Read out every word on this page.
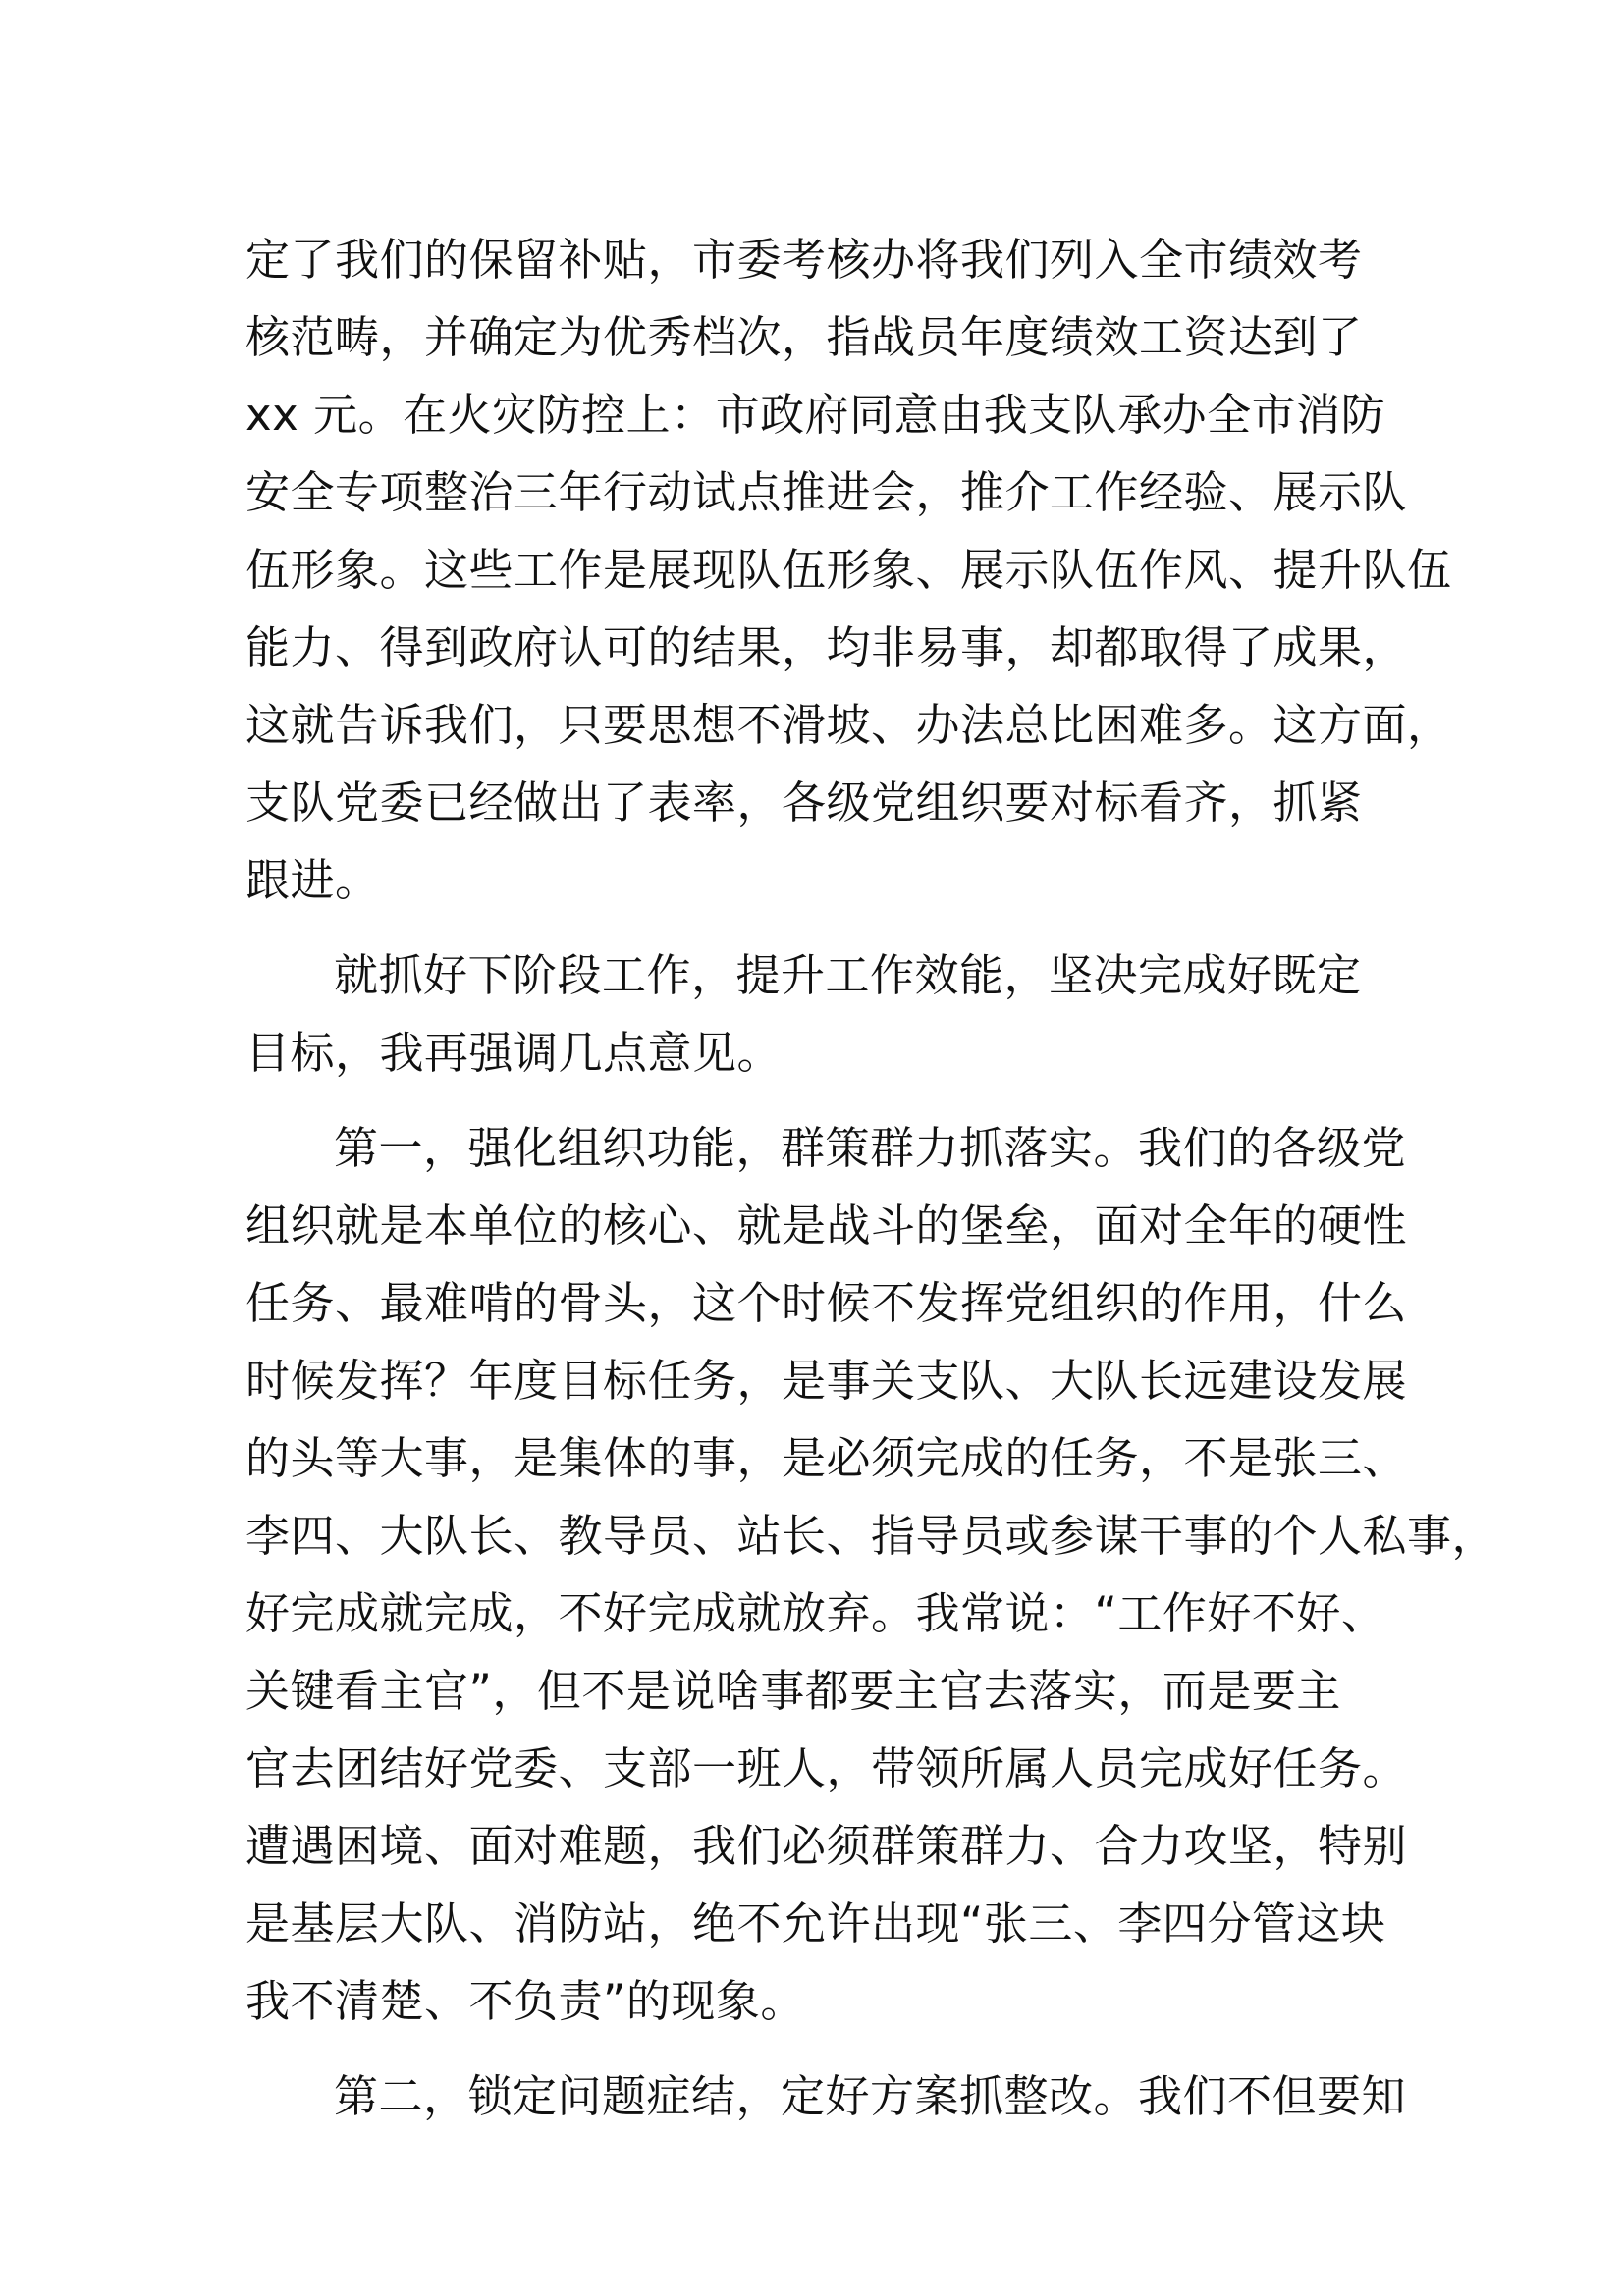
定了我们的保留补贴，市委考核办将我们列入全市绩效考
核范畴，并确定为优秀档次，指战员年度绩效工资达到了
xx 元。在火灾防控上：市政府同意由我支队承办全市消防
安全专项整治三年行动试点推进会，推介工作经验、展示队
伍形象。这些工作是展现队伍形象、展示队伍作风、提升队伍
能力、得到政府认可的结果，均非易事，却都取得了成果，
这就告诉我们，只要思想不滑坡、办法总比困难多。这方面，
支队党委已经做出了表率，各级党组织要对标看齐，抓紧
跟进。
就抓好下阶段工作，提升工作效能，坚决完成好既定
目标，我再强调几点意见。
第一，强化组织功能，群策群力抓落实。我们的各级党
组织就是本单位的核心、就是战斗的堡垒，面对全年的硬性
任务、最难啃的骨头，这个时候不发挥党组织的作用，什么
时候发挥？年度目标任务，是事关支队、大队长远建设发展
的头等大事，是集体的事，是必须完成的任务，不是张三、
李四、大队长、教导员、站长、指导员或参谋干事的个人私事，
好完成就完成，不好完成就放弃。我常说：“工作好不好、
关键看主官”，但不是说啥事都要主官去落实，而是要主
官去团结好党委、支部一班人，带领所属人员完成好任务。
遭遇困境、面对难题，我们必须群策群力、合力攻坚，特别
是基层大队、消防站，绝不允许出现“张三、李四分管这块
我不清楚、不负责”的现象。
第二，锁定问题症结，定好方案抓整改。我们不但要知
